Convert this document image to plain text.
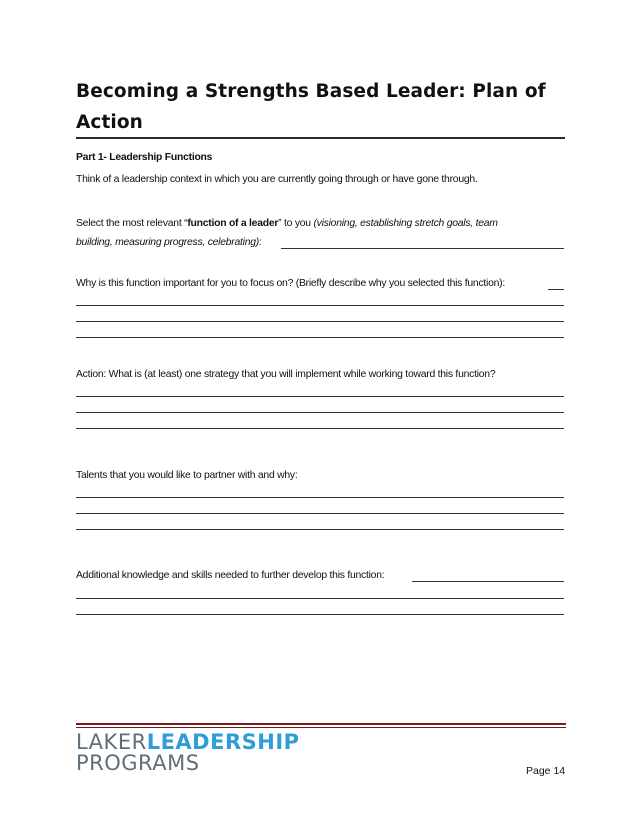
Becoming a Strengths Based Leader: Plan of Action
Part 1- Leadership Functions
Think of a leadership context in which you are currently going through or have gone through.
Select the most relevant “function of a leader” to you (visioning, establishing stretch goals, team
building, measuring progress, celebrating):
Why is this function important for you to focus on? (Briefly describe why you selected this function):
Action: What is (at least) one strategy that you will implement while working toward this function?
Talents that you would like to partner with and why:
Additional knowledge and skills needed to further develop this function:
LAKERLEADERSHIP
PROGRAMS	Page 14
